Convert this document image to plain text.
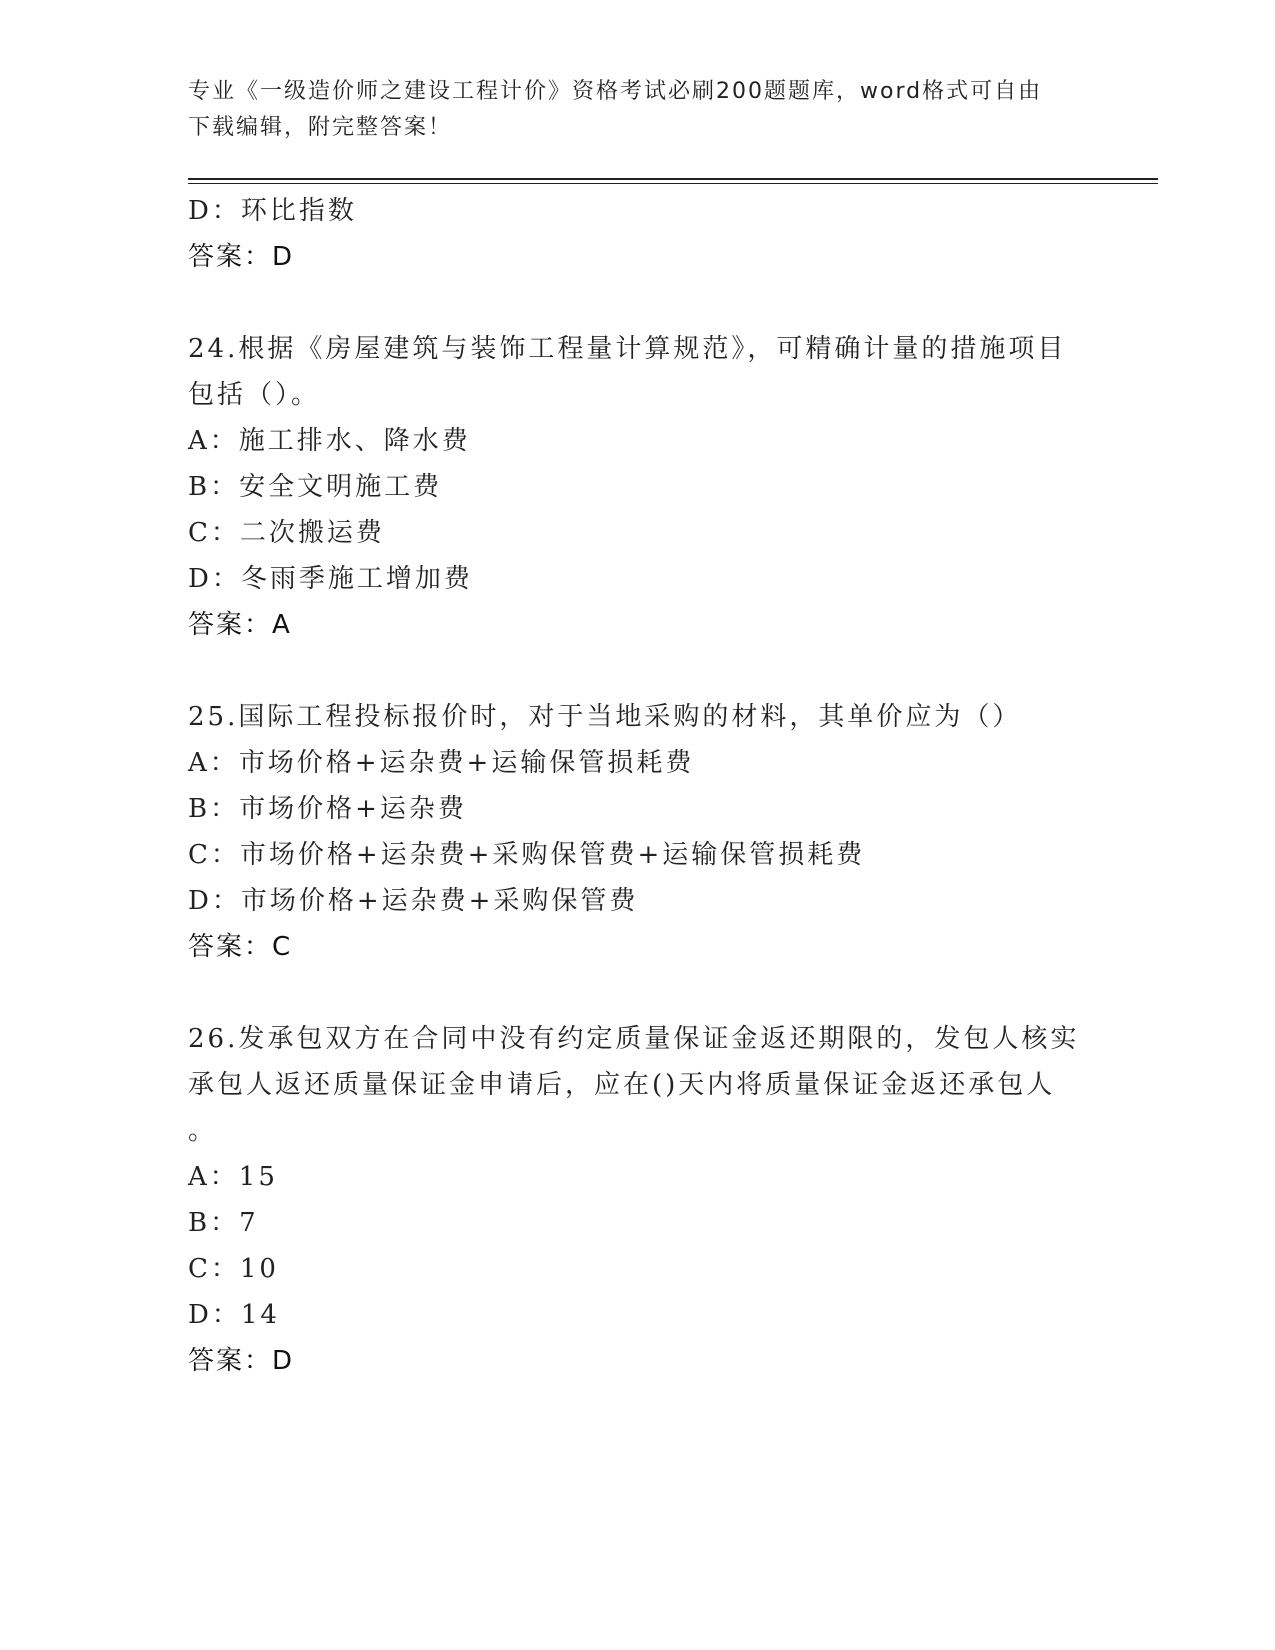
专业《一级造价师之建设工程计价》资格考试必刷200题题库，word格式可自由
下载编辑，附完整答案！
D：环比指数
答案：D
24.根据《房屋建筑与装饰工程量计算规范》，可精确计量的措施项目
包括（）。
A：施工排水、降水费
B：安全文明施工费
C：二次搬运费
D：冬雨季施工增加费
答案：A
25.国际工程投标报价时，对于当地采购的材料，其单价应为（）
A：市场价格+运杂费+运输保管损耗费
B：市场价格+运杂费
C：市场价格+运杂费+采购保管费+运输保管损耗费
D：市场价格+运杂费+采购保管费
答案：C
26.发承包双方在合同中没有约定质量保证金返还期限的，发包人核实
承包人返还质量保证金申请后，应在()天内将质量保证金返还承包人
。
A：15
B：7
C：10
D：14
答案：D
